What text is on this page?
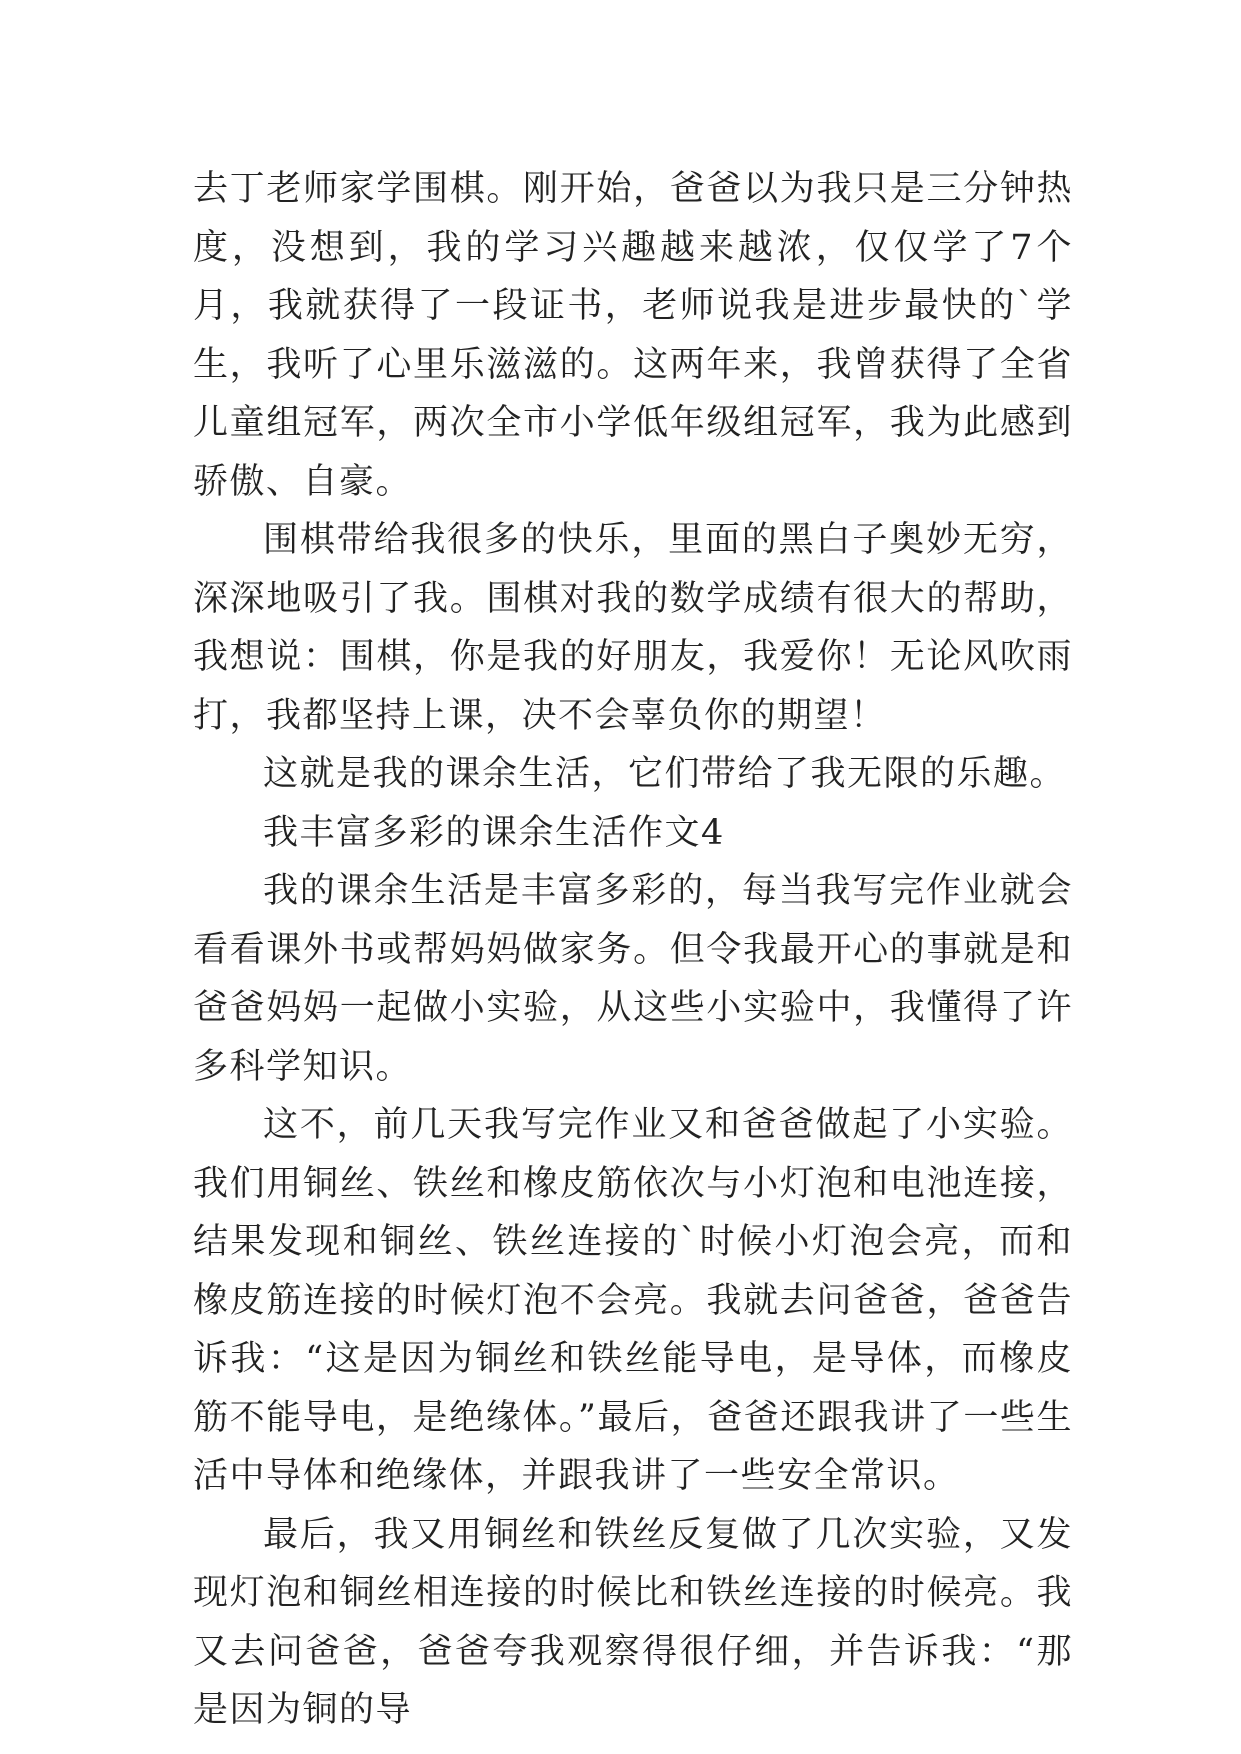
去丁老师家学围棋。刚开始，爸爸以为我只是三分钟热度，没想到，我的学习兴趣越来越浓，仅仅学了7个月，我就获得了一段证书，老师说我是进步最快的`学生，我听了心里乐滋滋的。这两年来，我曾获得了全省儿童组冠军，两次全市小学低年级组冠军，我为此感到骄傲、自豪。

围棋带给我很多的快乐，里面的黑白子奥妙无穷，深深地吸引了我。围棋对我的数学成绩有很大的帮助，我想说：围棋，你是我的好朋友，我爱你！无论风吹雨打，我都坚持上课，决不会辜负你的期望！

这就是我的课余生活，它们带给了我无限的乐趣。

我丰富多彩的课余生活作文4

我的课余生活是丰富多彩的，每当我写完作业就会看看课外书或帮妈妈做家务。但令我最开心的事就是和爸爸妈妈一起做小实验，从这些小实验中，我懂得了许多科学知识。

这不，前几天我写完作业又和爸爸做起了小实验。我们用铜丝、铁丝和橡皮筋依次与小灯泡和电池连接，结果发现和铜丝、铁丝连接的`时候小灯泡会亮，而和橡皮筋连接的时候灯泡不会亮。我就去问爸爸，爸爸告诉我：“这是因为铜丝和铁丝能导电，是导体，而橡皮筋不能导电，是绝缘体。”最后，爸爸还跟我讲了一些生活中导体和绝缘体，并跟我讲了一些安全常识。

最后，我又用铜丝和铁丝反复做了几次实验，又发现灯泡和铜丝相连接的时候比和铁丝连接的时候亮。我又去问爸爸，爸爸夸我观察得很仔细，并告诉我：“那是因为铜的导
